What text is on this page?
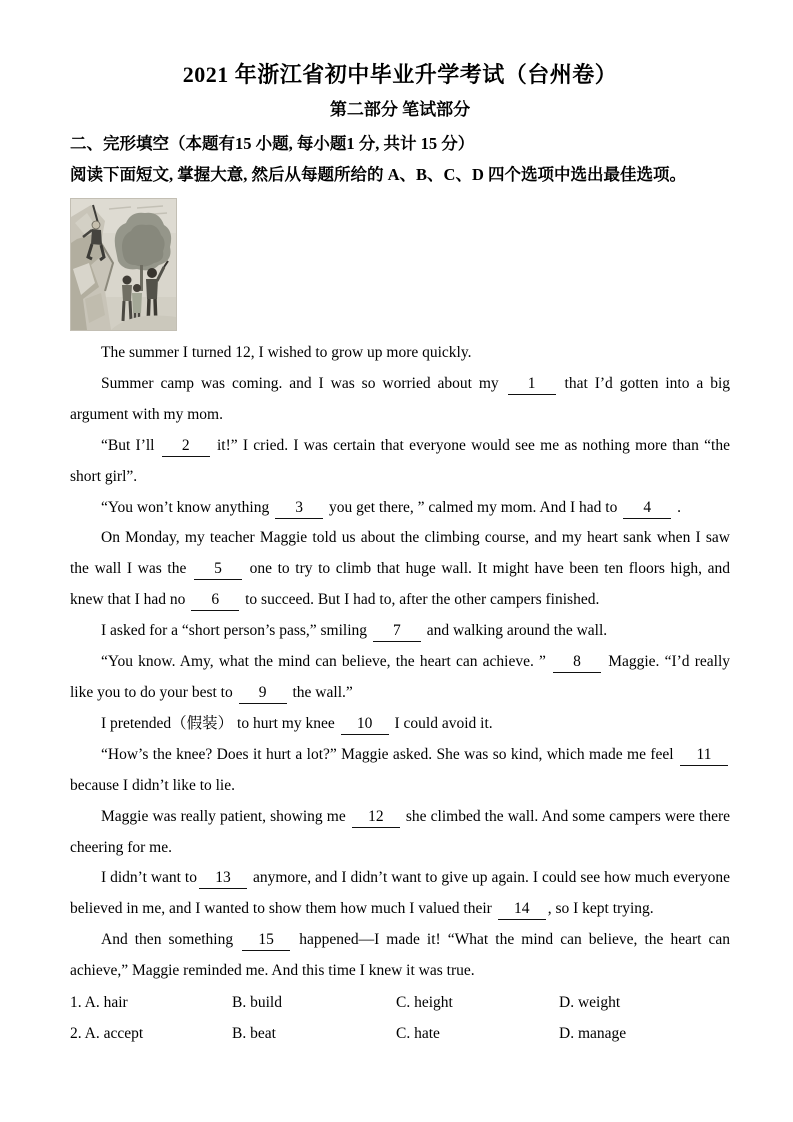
2021 年浙江省初中毕业升学考试（台州卷）
第二部分 笔试部分
二、完形填空（本题有15 小题, 每小题1 分, 共计 15 分）
阅读下面短文, 掌握大意, 然后从每题所给的 A、B、C、D 四个选项中选出最佳选项。

The summer I turned 12, I wished to grow up more quickly.

Summer camp was coming. and I was so worried about my 1 that I’d gotten into a big argument with my mom.

“But I’ll 2 it!” I cried. I was certain that everyone would see me as nothing more than “the short girl”.

“You won’t know anything 3 you get there, ” calmed my mom. And I had to 4 .

On Monday, my teacher Maggie told us about the climbing course, and my heart sank when I saw the wall I was the 5 one to try to climb that huge wall. It might have been ten floors high, and knew that I had no 6 to succeed. But I had to, after the other campers finished.

I asked for a “short person’s pass,” smiling 7 and walking around the wall.

“You know. Amy, what the mind can believe, the heart can achieve. ” 8 Maggie. “I’d really like you to do your best to 9 the wall.”

I pretended（假装） to hurt my knee 10 I could avoid it.

“How’s the knee? Does it hurt a lot?” Maggie asked. She was so kind, which made me feel 11 because I didn’t like to lie.

Maggie was really patient, showing me 12 she climbed the wall. And some campers were there cheering for me.

I didn’t want to 13 anymore, and I didn’t want to give up again. I could see how much everyone believed in me, and I wanted to show them how much I valued their 14 , so I kept trying.

And then something 15 happened—I made it! “What the mind can believe, the heart can achieve,” Maggie reminded me. And this time I knew it was true.

1. A. hair	B. build	C. height	D. weight
2. A. accept	B. beat	C. hate	D. manage
